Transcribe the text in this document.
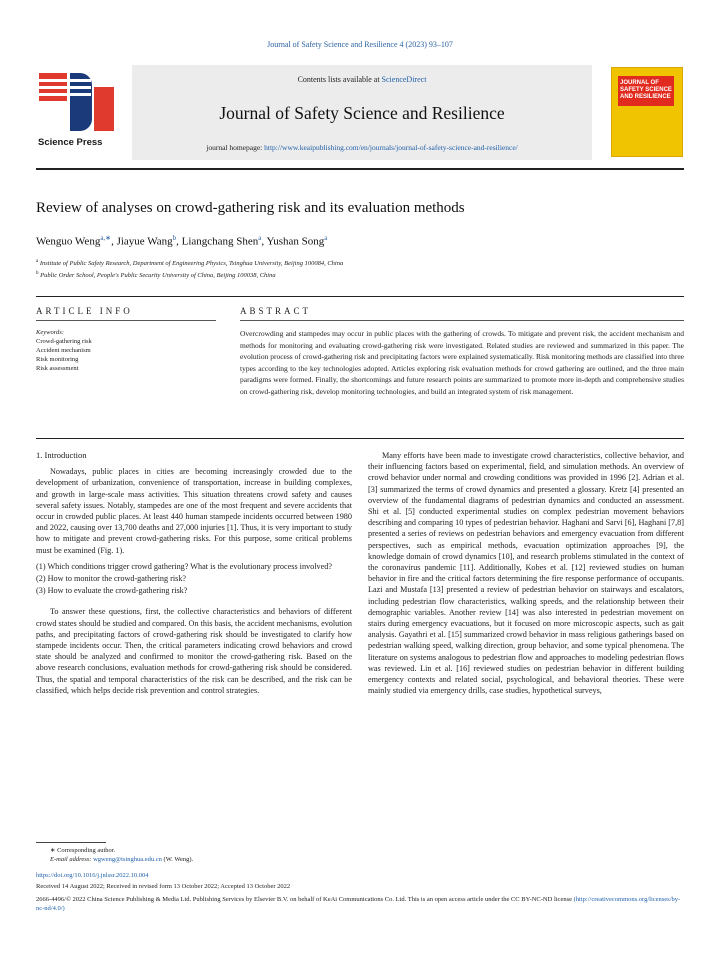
Journal of Safety Science and Resilience 4 (2023) 93–107
Science Press
Contents lists available at ScienceDirect
Journal of Safety Science and Resilience
journal homepage: http://www.keaipublishing.com/en/journals/journal-of-safety-science-and-resilience/
JOURNAL OF SAFETY SCIENCE AND RESILIENCE
Review of analyses on crowd-gathering risk and its evaluation methods
Wenguo Weng$^{a,∗}$, Jiayue Wang$^b$, Liangchang Shen$^a$, Yushan Song$^a$
$^a$ Institute of Public Safety Research, Department of Engineering Physics, Tsinghua University, Beijing 100084, China
$^b$ Public Order School, People's Public Security University of China, Beijing 100038, China
ARTICLE INFO	ABSTRACT
Keywords:
Crowd-gathering risk
Accident mechanism
Risk monitoring
Risk assessment
Overcrowding and stampedes may occur in public places with the gathering of crowds. To mitigate and prevent risk, the accident mechanism and methods for monitoring and evaluating crowd-gathering risk were investigated. Related studies are reviewed and summarized in this paper. The evolution process of crowd-gathering risk and precipitating factors were explained systematically. Risk monitoring methods are classified into three types according to the key technologies adopted. Articles exploring risk evaluation methods for crowd gathering are outlined, and the three main paradigms were formed. Finally, the shortcomings and future research points are summarized to promote more in-depth and comprehensive studies on crowd-gathering risk, develop monitoring technologies, and build an integrated system of risk management.

1. Introduction

Nowadays, public places in cities are becoming increasingly crowded due to the development of urbanization, convenience of transportation, increase in building complexes, and growth in large-scale mass activities. This situation threatens crowd safety and causes several safety issues. Notably, stampedes are one of the most frequent and severe accidents that occur in crowded public places. At least 440 human stampede incidents occurred between 1980 and 2022, causing over 13,700 deaths and 27,000 injuries [1]. Thus, it is very important to study how to mitigate and prevent crowd-gathering risks. For this purpose, some critical problems must be examined (Fig. 1).

(1) Which conditions trigger crowd gathering? What is the evolutionary process involved?
(2) How to monitor the crowd-gathering risk?
(3) How to evaluate the crowd-gathering risk?

To answer these questions, first, the collective characteristics and behaviors of different crowd states should be studied and compared. On this basis, the accident mechanisms, evolution paths, and precipitating factors of crowd-gathering risk should be investigated to clarify how stampede incidents occur. Then, the critical parameters indicating crowd behaviors and crowd state should be analyzed and confirmed to monitor the crowd-gathering risk. Based on the above research conclusions, evaluation methods for crowd-gathering risk should be considered. Thus, the spatial and temporal characteristics of the risk can be described, and the risk can be classified, which helps decide risk prevention and control strategies.

Many efforts have been made to investigate crowd characteristics, collective behavior, and their influencing factors based on experimental, field, and simulation methods. An overview of crowd behavior under normal and crowding conditions was provided in 1996 [2]. Adrian et al. [3] summarized the terms of crowd dynamics and presented a glossary. Kretz [4] presented an overview of the fundamental diagrams of pedestrian dynamics and conducted an assessment. Shi et al. [5] conducted experimental studies on complex pedestrian movement behaviors describing and comparing 10 types of pedestrian behavior. Haghani and Sarvi [6], Haghani [7,8] presented a series of reviews on pedestrian behaviors and emergency evacuation from different perspectives, such as empirical methods, evacuation optimization approaches [9], the knowledge domain of crowd dynamics [10], and research problems stimulated in the context of the coronavirus pandemic [11]. Additionally, Kobes et al. [12] reviewed studies on human behavior in fire and the critical factors determining the fire response performance of occupants. Lazi and Mustafa [13] presented a review of pedestrian behavior on stairways and escalators, including pedestrian flow characteristics, walking speeds, and the relationship between their demographic variables. Another review [14] was also interested in pedestrian movement on stairs during emergency evacuations, but it focused on more microscopic aspects, such as gait analysis. Gayathri et al. [15] summarized crowd behavior in mass religious gatherings based on pedestrian walking speed, walking direction, group behavior, and some typical phenomena. The literature on systems analogous to pedestrian flow and approaches to modeling pedestrian flows was reviewed. Lin et al. [16] reviewed studies on pedestrian behavior in different building emergency contexts and related social, psychological, and behavioral theories. These were mainly studied via emergency drills, case studies, hypothetical surveys,

∗ Corresponding author.
E-mail address: wgweng@tsinghua.edu.cn (W. Weng).
https://doi.org/10.1016/j.jnlssr.2022.10.004
Received 14 August 2022; Received in revised form 13 October 2022; Accepted 13 October 2022
2666-4496/© 2022 China Science Publishing & Media Ltd. Publishing Services by Elsevier B.V. on behalf of KeAi Communications Co. Ltd. This is an open access article under the CC BY-NC-ND license (http://creativecommons.org/licenses/by-nc-nd/4.0/)
